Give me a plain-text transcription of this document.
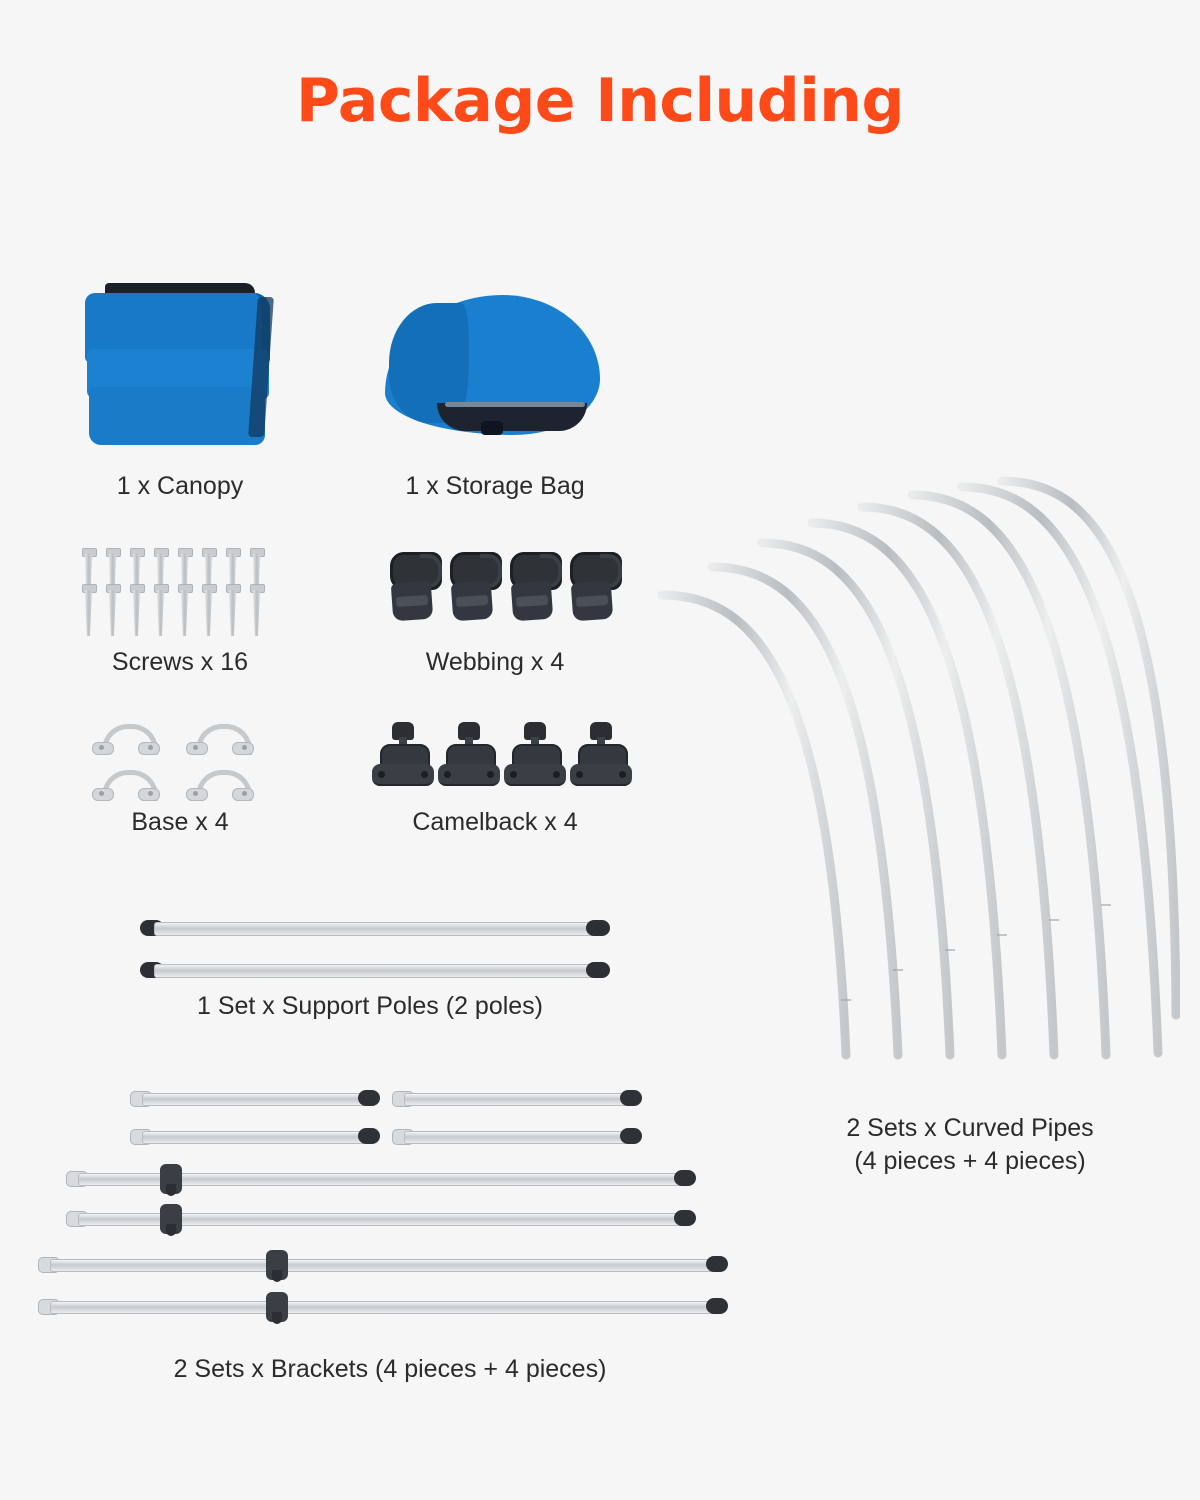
Package Including
1 x Canopy	1 x Storage Bag
Screws x 16	Webbing x 4
Base x 4	Camelback x 4
1 Set x Support Poles (2 poles)
2 Sets x Curved Pipes
(4 pieces + 4 pieces)
2 Sets x Brackets (4 pieces + 4 pieces)
